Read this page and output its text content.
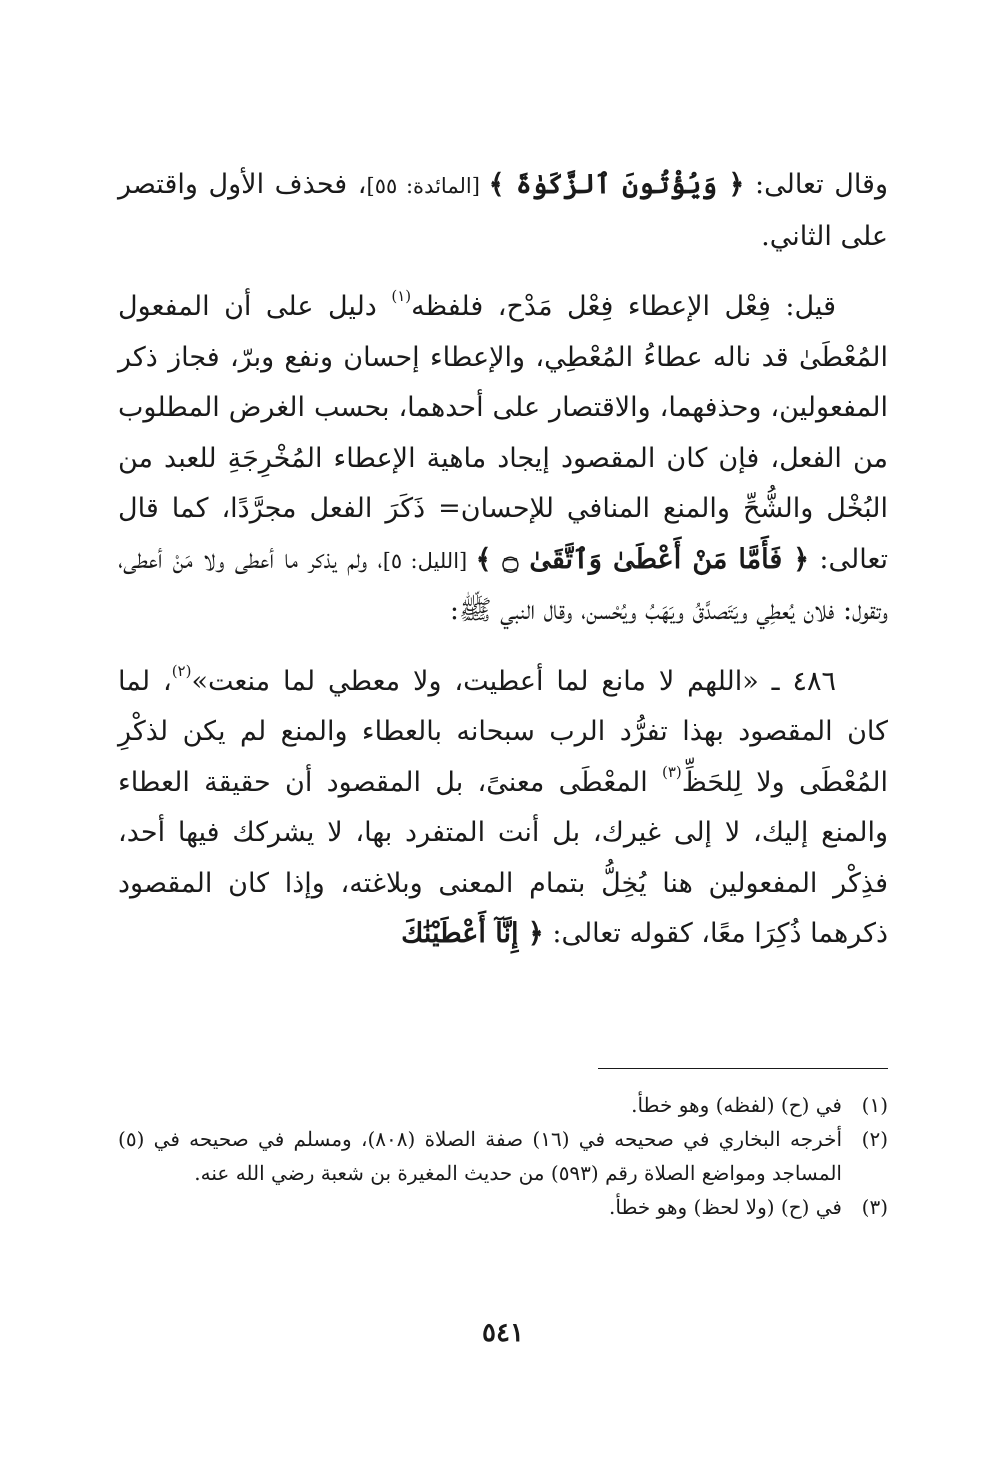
وقال تعالى: ﴿ وَيُؤْتُونَ ٱلزَّكَوٰةَ ﴾ [المائدة: ٥٥]، فحذف الأول واقتصر على الثاني.

قيل: فِعْل الإعطاء فِعْل مَدْح، فلفظه$^{(١)}$ دليل على أن المفعول المُعْطَىٰ قد ناله عطاءُ المُعْطِي، والإعطاء إحسان ونفع وبرّ، فجاز ذكر المفعولين، وحذفهما، والاقتصار على أحدهما، بحسب الغرض المطلوب من الفعل، فإن كان المقصود إيجاد ماهية الإعطاء المُخْرِجَةِ للعبد من البُخْل والشُّحِّ والمنع المنافي للإحسان= ذَكَرَ الفعل مجرَّدًا، كما قال تعالى: ﴿ فَأَمَّا مَنْ أَعْطَىٰ وَٱتَّقَىٰ ۝ ﴾ [الليل: ٥]، ولم يذكر ما أعطى ولا مَنْ أعطى، وتقول: فلان يُعطِي ويَتَصدَّقُ ويَهَبُ ويُحْسن، وقال النبي ﷺ:

٤٨٦ ـ «اللهم لا مانع لما أعطيت، ولا معطي لما منعت»$^{(٢)}$، لما كان المقصود بهذا تفرُّد الرب سبحانه بالعطاء والمنع لم يكن لذكْرِ المُعْطَى ولا لِلحَظِّ$^{(٣)}$ المعْطَى معنىً، بل المقصود أن حقيقة العطاء والمنع إليك، لا إلى غيرك، بل أنت المتفرد بها، لا يشركك فيها أحد، فذِكْر المفعولين هنا يُخِلُّ بتمام المعنى وبلاغته، وإذا كان المقصود ذكرهما ذُكِرَا معًا، كقوله تعالى: ﴿ إِنَّآ أَعْطَيْنَٰكَ

(١)
في (ح) (لفظه) وهو خطأ.
(٢)
أخرجه البخاري في صحيحه في (١٦) صفة الصلاة (٨٠٨)، ومسلم في صحيحه في (٥) المساجد ومواضع الصلاة رقم (٥٩٣) من حديث المغيرة بن شعبة رضي الله عنه.
(٣)
في (ح) (ولا لحظ) وهو خطأ.
٥٤١
